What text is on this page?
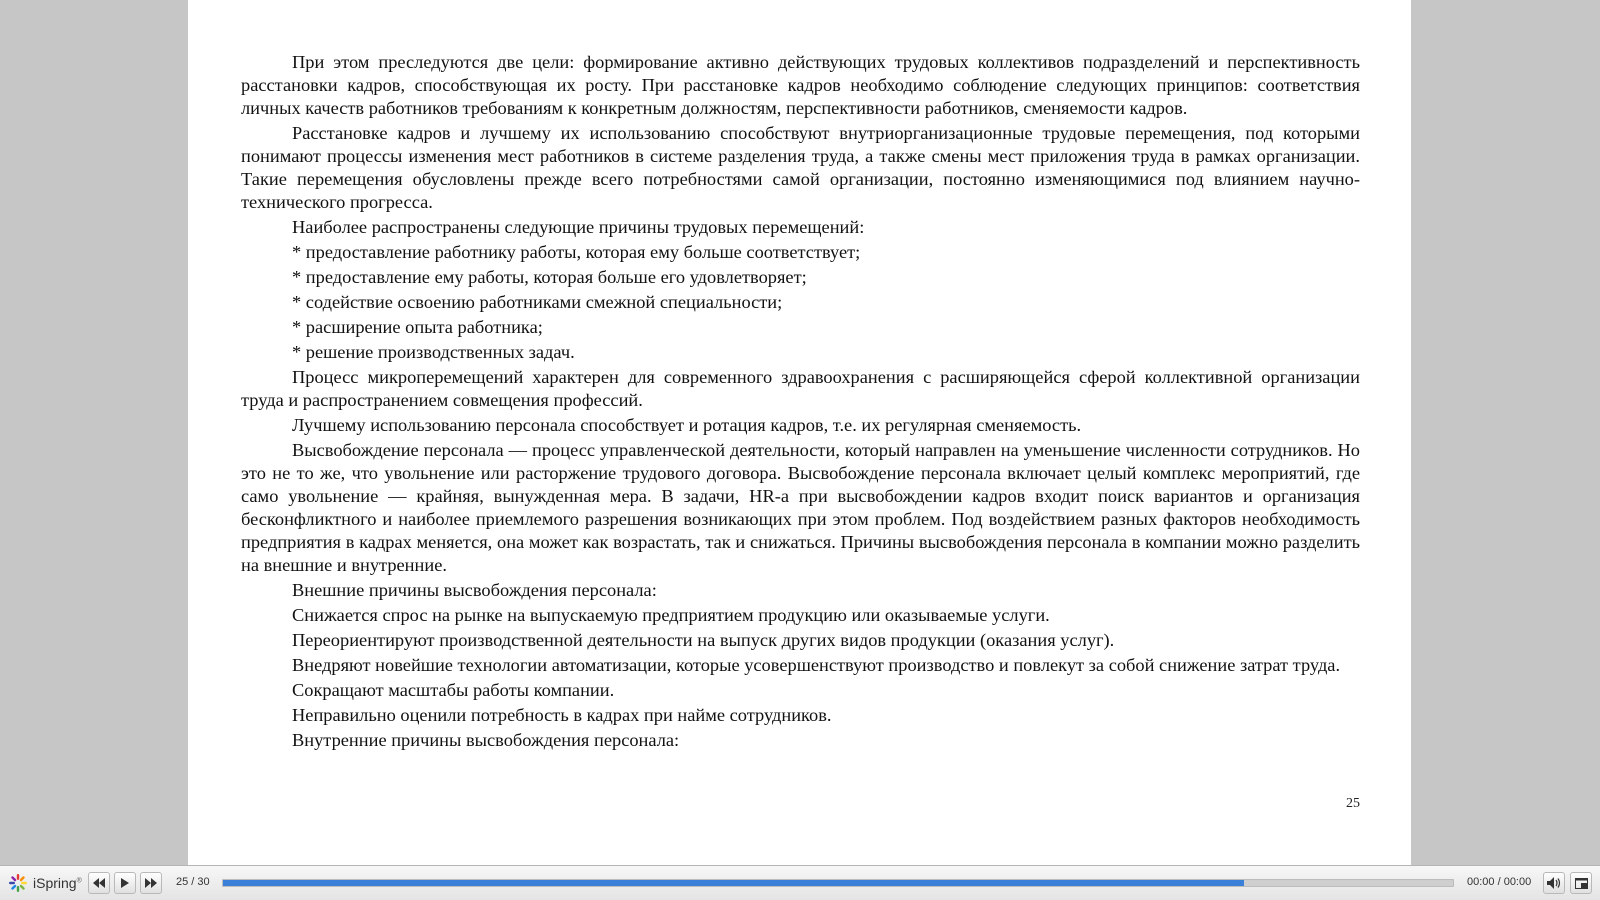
При этом преследуются две цели: формирование активно действующих трудовых коллективов подразделений и перспективность расстановки кадров, способствующая их росту. При расстановке кадров необходимо соблюдение следующих принципов: соответствия личных качеств работников требованиям к конкретным должностям, перспективности работников, сменяемости кадров.

Расстановке кадров и лучшему их использованию способствуют внутриорганизационные трудовые перемещения, под которыми понимают процессы изменения мест работников в системе разделения труда, а также смены мест приложения труда в рамках организации. Такие перемещения обусловлены прежде всего потребностями самой организации, постоянно изменяющимися под влиянием научно-технического прогресса.

Наиболее распространены следующие причины трудовых перемещений:

* предоставление работнику работы, которая ему больше соответствует;

* предоставление ему работы, которая больше его удовлетворяет;

* содействие освоению работниками смежной специальности;

* расширение опыта работника;

* решение производственных задач.

Процесс микроперемещений характерен для современного здравоохранения с расширяющейся сферой коллективной организации труда и распространением совмещения профессий.

Лучшему использованию персонала способствует и ротация кадров, т.е. их регулярная сменяемость.

Высвобождение персонала — процесс управленческой деятельности, который направлен на уменьшение численности сотрудников. Но это не то же, что увольнение или расторжение трудового договора. Высвобождение персонала включает целый комплекс мероприятий, где само увольнение — крайняя, вынужденная мера. В задачи, HR-а при высвобождении кадров входит поиск вариантов и организация бесконфликтного и наиболее приемлемого разрешения возникающих при этом проблем. Под воздействием разных факторов необходимость предприятия в кадрах меняется, она может как возрастать, так и снижаться. Причины высвобождения персонала в компании можно разделить на внешние и внутренние.

Внешние причины высвобождения персонала:

Снижается спрос на рынке на выпускаемую предприятием продукцию или оказываемые услуги.

Переориентируют производственной деятельности на выпуск других видов продукции (оказания услуг).

Внедряют новейшие технологии автоматизации, которые усовершенствуют производство и повлекут за собой снижение затрат труда.

Сокращают масштабы работы компании.

Неправильно оценили потребность в кадрах при найме сотрудников.

Внутренние причины высвобождения персонала:

25
iSpring®	25 / 30	00:00 / 00:00
